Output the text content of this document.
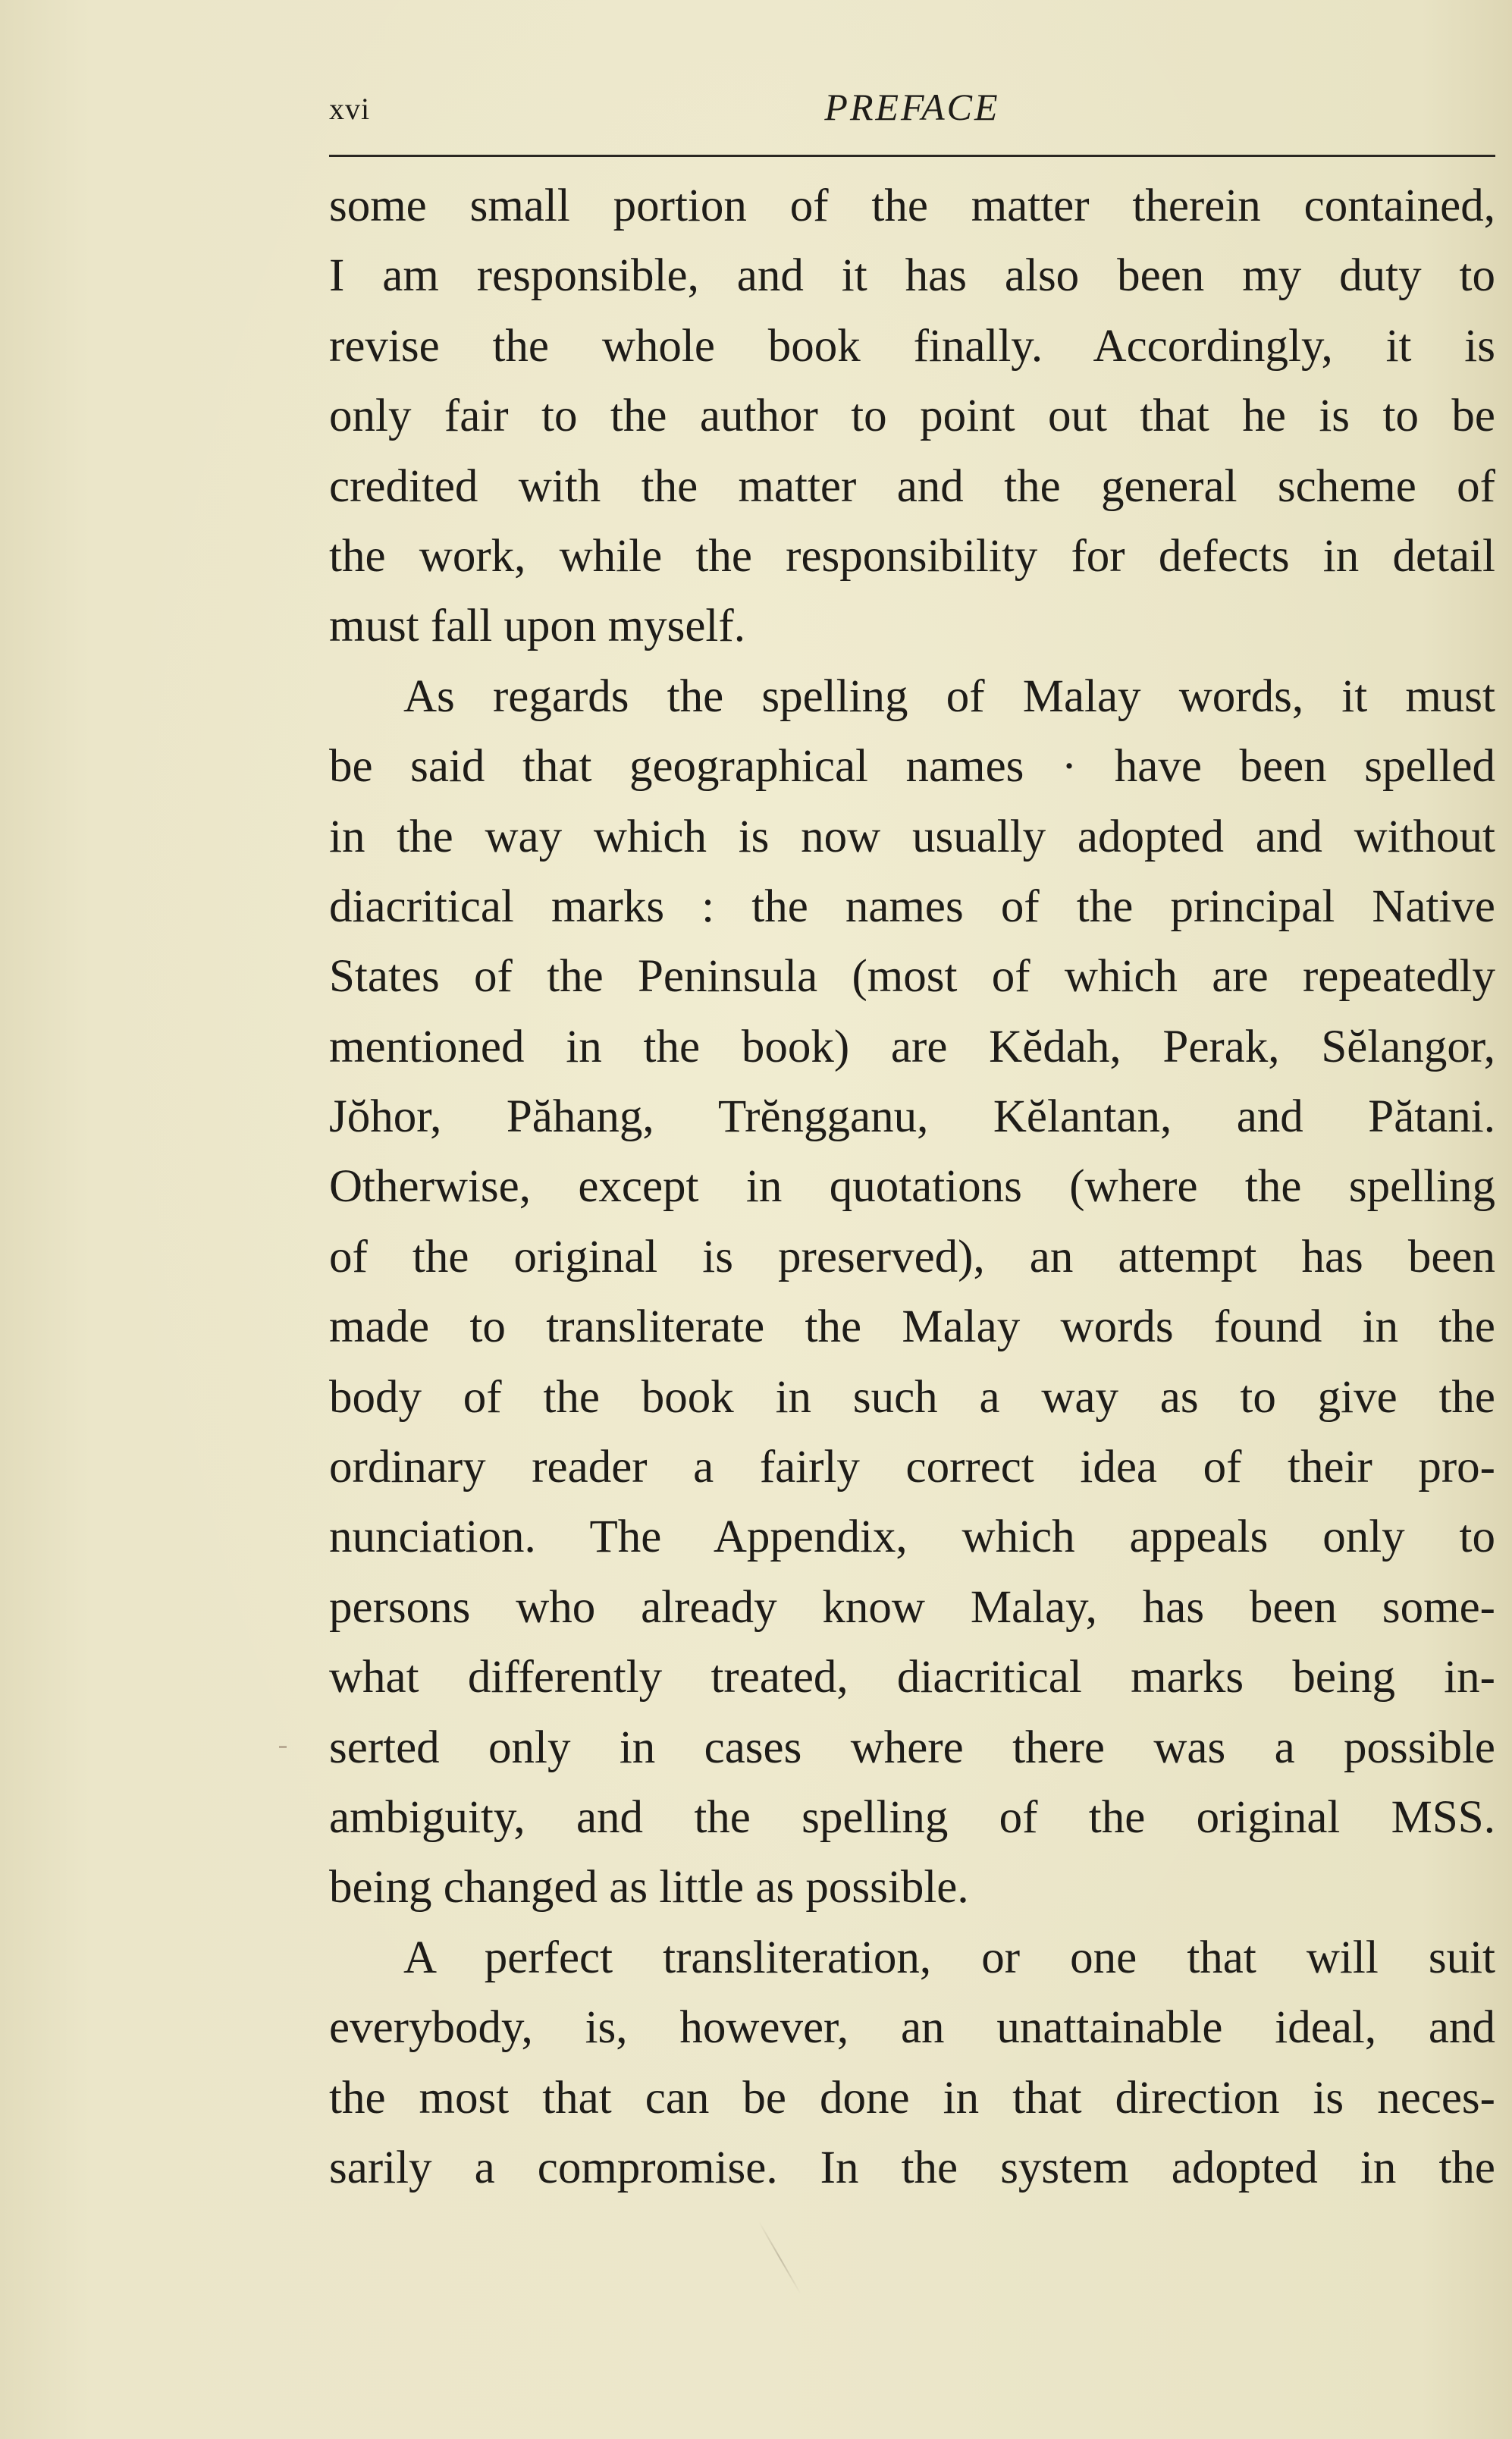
xvi	PREFACE
some small portion of the matter therein contained,
I am responsible, and it has also been my duty to
revise the whole book finally. Accordingly, it is
only fair to the author to point out that he is to be
credited with the matter and the general scheme of
the work, while the responsibility for defects in detail
must fall upon myself.
As regards the spelling of Malay words, it must
be said that geographical names · have been spelled
in the way which is now usually adopted and without
diacritical marks : the names of the principal Native
States of the Peninsula (most of which are repeatedly
mentioned in the book) are Kĕdah, Perak, Sĕlangor,
Jŏhor, Păhang, Trĕngganu, Kĕlantan, and Pătani.
Otherwise, except in quotations (where the spelling
of the original is preserved), an attempt has been
made to transliterate the Malay words found in the
body of the book in such a way as to give the
ordinary reader a fairly correct idea of their pro-
nunciation. The Appendix, which appeals only to
persons who already know Malay, has been some-
what differently treated, diacritical marks being in-
serted only in cases where there was a possible
ambiguity, and the spelling of the original MSS.
being changed as little as possible.
A perfect transliteration, or one that will suit
everybody, is, however, an unattainable ideal, and
the most that can be done in that direction is neces-
sarily a compromise. In the system adopted in the
